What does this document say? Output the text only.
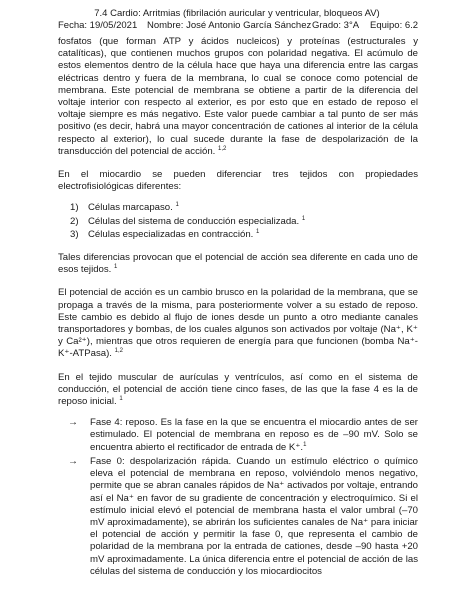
7.4 Cardio: Arritmias (fibrilación auricular y ventricular, bloqueos AV)
Fecha: 19/05/2021 Nombre: José Antonio García Sánchez Grado: 3°A Equipo: 6.2

fosfatos (que forman ATP y ácidos nucleicos) y proteínas (estructurales y catalíticas), que contienen muchos grupos con polaridad negativa. El acúmulo de estos elementos dentro de la célula hace que haya una diferencia entre las cargas eléctricas dentro y fuera de la membrana, lo cual se conoce como potencial de membrana. Este potencial de membrana se obtiene a partir de la diferencia del voltaje interior con respecto al exterior, es por esto que en estado de reposo el voltaje siempre es más negativo. Este valor puede cambiar a tal punto de ser más positivo (es decir, habrá una mayor concentración de cationes al interior de la célula respecto al exterior), lo cual sucede durante la fase de despolarización de la transducción del potencial de acción. $^{1,2}$

En el miocardio se pueden diferenciar tres tejidos con propiedades electrofisiológicas diferentes:

1) Células marcapaso. $^1$
2) Células del sistema de conducción especializada. $^1$
3) Células especializadas en contracción. $^1$

Tales diferencias provocan que el potencial de acción sea diferente en cada uno de esos tejidos. $^1$

El potencial de acción es un cambio brusco en la polaridad de la membrana, que se propaga a través de la misma, para posteriormente volver a su estado de reposo. Este cambio es debido al flujo de iones desde un punto a otro mediante canales transportadores y bombas, de los cuales algunos son activados por voltaje (Na⁺, K⁺ y Ca²⁺), mientras que otros requieren de energía para que funcionen (bomba Na⁺- K⁺-ATPasa). $^{1,2}$

En el tejido muscular de aurículas y ventrículos, así como en el sistema de conducción, el potencial de acción tiene cinco fases, de las que la fase 4 es la de reposo inicial. $^1$

→ Fase 4: reposo. Es la fase en la que se encuentra el miocardio antes de ser estimulado. El potencial de membrana en reposo es de –90 mV. Solo se encuentra abierto el rectificador de entrada de K⁺.$^1$
→ Fase 0: despolarización rápida. Cuando un estímulo eléctrico o químico eleva el potencial de membrana en reposo, volviéndolo menos negativo, permite que se abran canales rápidos de Na⁺ activados por voltaje, entrando así el Na⁺ en favor de su gradiente de concentración y electroquímico. Si el estímulo inicial elevó el potencial de membrana hasta el valor umbral (–70 mV aproximadamente), se abrirán los suficientes canales de Na⁺ para iniciar el potencial de acción y permitir la fase 0, que representa el cambio de polaridad de la membrana por la entrada de cationes, desde –90 hasta +20 mV aproximadamente. La única diferencia entre el potencial de acción de las células del sistema de conducción y los miocardiocitos
